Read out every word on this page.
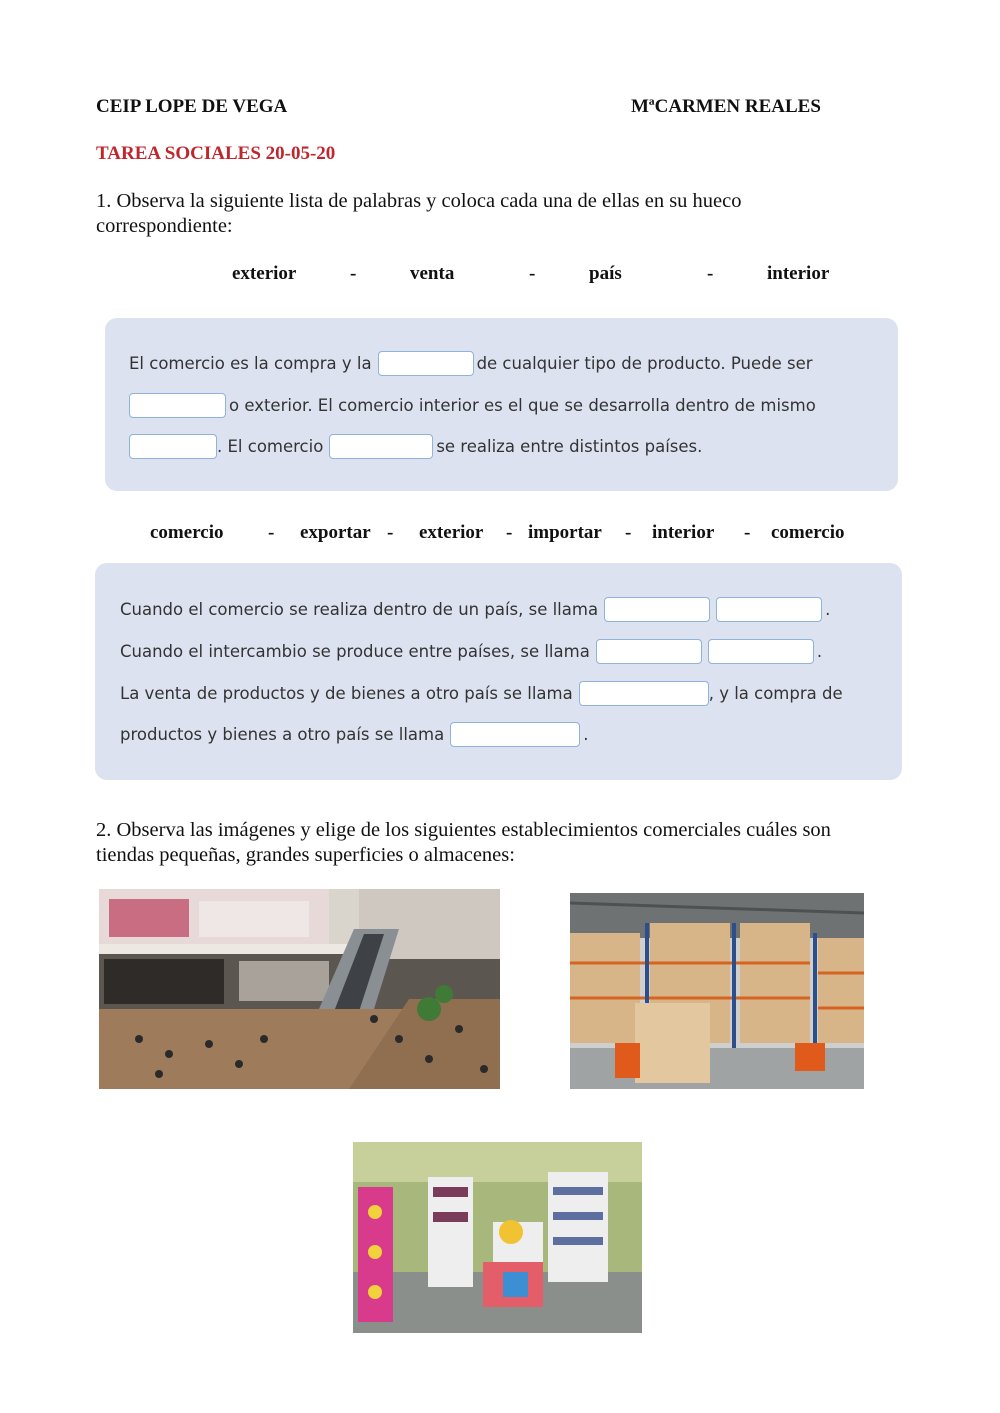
CEIP LOPE DE VEGA	MªCARMEN REALES
TAREA SOCIALES 20-05-20
1. Observa la siguiente lista de palabras y coloca cada una de ellas en su hueco
correspondiente:
exterior	-	venta	-	país	-	interior
El comercio es la compra y la	de cualquier tipo de producto. Puede ser
o exterior. El comercio interior es el que se desarrolla dentro de mismo
. El comercio	se realiza entre distintos países.
comercio - exportar - exterior - importar - interior - comercio
Cuando el comercio se realiza dentro de un país, se llama	.
Cuando el intercambio se produce entre países, se llama	.
La venta de productos y de bienes a otro país se llama	, y la compra de
productos y bienes a otro país se llama	.
2. Observa las imágenes y elige de los siguientes establecimientos comerciales cuáles son
tiendas pequeñas, grandes superficies o almacenes:
